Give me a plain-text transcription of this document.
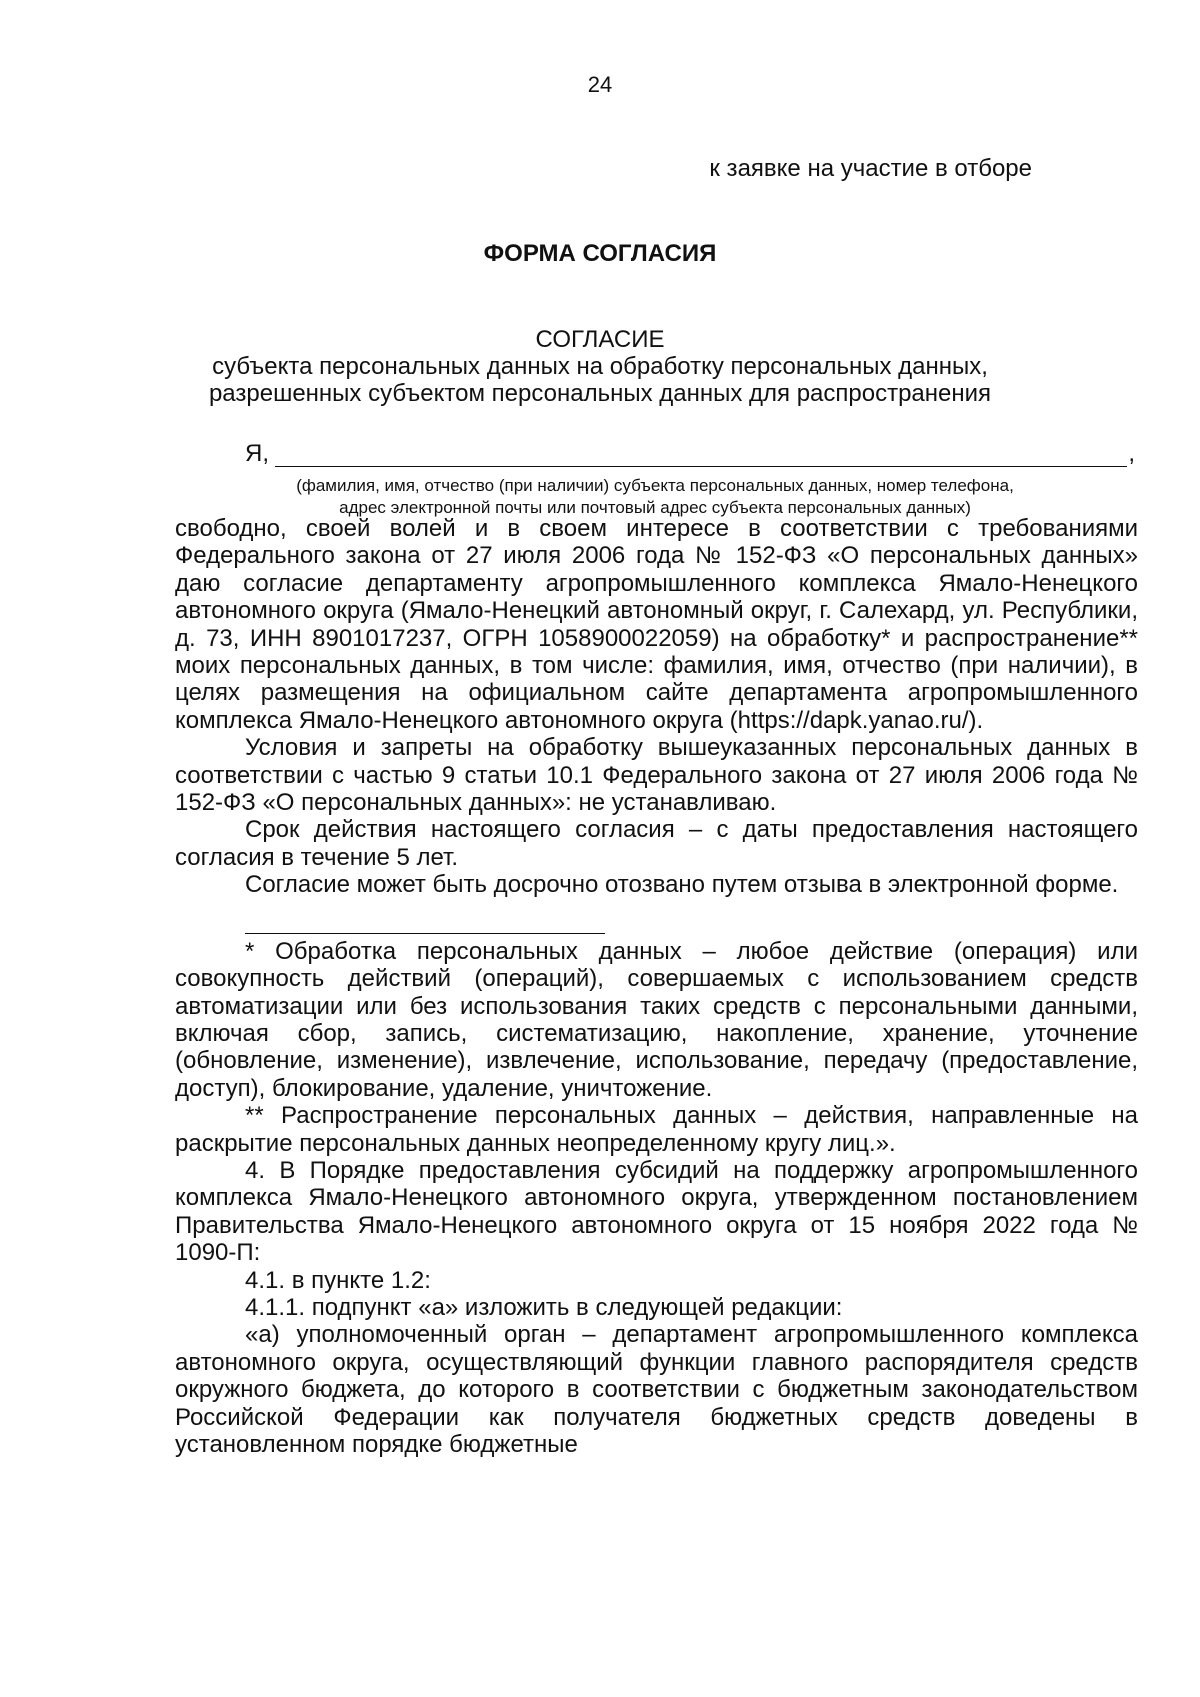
24
к заявке на участие в отборе
ФОРМА СОГЛАСИЯ
СОГЛАСИЕ
субъекта персональных данных на обработку персональных данных,
разрешенных субъектом персональных данных для распространения
Я,	,
(фамилия, имя, отчество (при наличии) субъекта персональных данных, номер телефона,
адрес электронной почты или почтовый адрес субъекта персональных данных)

свободно, своей волей и в своем интересе в соответствии с требованиями Федерального закона от 27 июля 2006 года № 152-ФЗ «О персональных данных» даю согласие департаменту агропромышленного комплекса Ямало-Ненецкого автономного округа (Ямало-Ненецкий автономный округ, г. Салехард, ул. Республики, д. 73, ИНН 8901017237, ОГРН 1058900022059) на обработку* и распространение** моих персональных данных, в том числе: фамилия, имя, отчество (при наличии), в целях размещения на официальном сайте департамента агропромышленного комплекса Ямало-Ненецкого автономного округа (https://dapk.yanao.ru/).

Условия и запреты на обработку вышеуказанных персональных данных в соответствии с частью 9 статьи 10.1 Федерального закона от 27 июля 2006 года № 152-ФЗ «О персональных данных»: не устанавливаю.

Срок действия настоящего согласия – с даты предоставления настоящего согласия в течение 5 лет.

Согласие может быть досрочно отозвано путем отзыва в электронной форме.

* Обработка персональных данных – любое действие (операция) или совокупность действий (операций), совершаемых с использованием средств автоматизации или без использования таких средств с персональными данными, включая сбор, запись, систематизацию, накопление, хранение, уточнение (обновление, изменение), извлечение, использование, передачу (предоставление, доступ), блокирование, удаление, уничтожение.

** Распространение персональных данных – действия, направленные на раскрытие персональных данных неопределенному кругу лиц.».

4. В Порядке предоставления субсидий на поддержку агропромышленного комплекса Ямало-Ненецкого автономного округа, утвержденном постановлением Правительства Ямало-Ненецкого автономного округа от 15 ноября 2022 года № 1090-П:

4.1. в пункте 1.2:

4.1.1. подпункт «а» изложить в следующей редакции:

«а) уполномоченный орган – департамент агропромышленного комплекса автономного округа, осуществляющий функции главного распорядителя средств окружного бюджета, до которого в соответствии с бюджетным законодательством Российской Федерации как получателя бюджетных средств доведены в установленном порядке бюджетные
